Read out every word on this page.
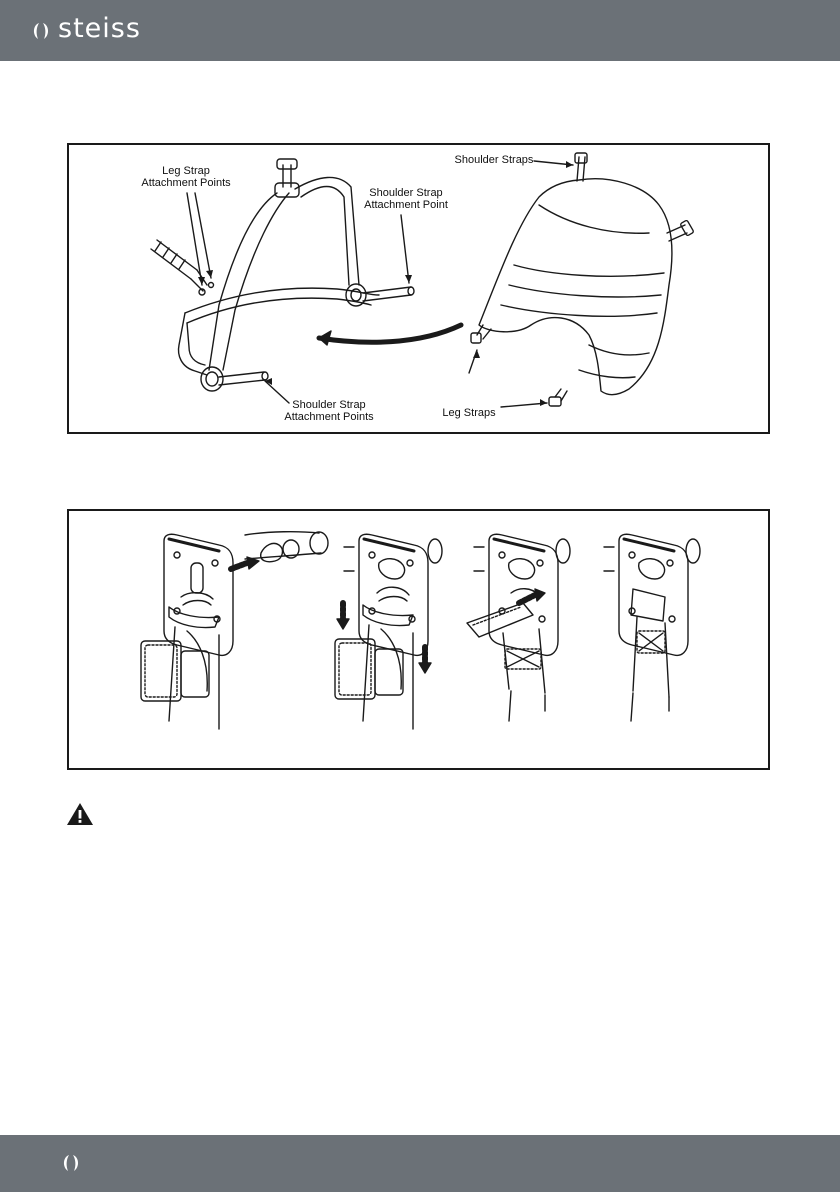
steiss
Leg Strap
Attachment Points
Shoulder Strap
Attachment Point
Shoulder Straps
Shoulder Strap
Attachment Points	Leg Straps
